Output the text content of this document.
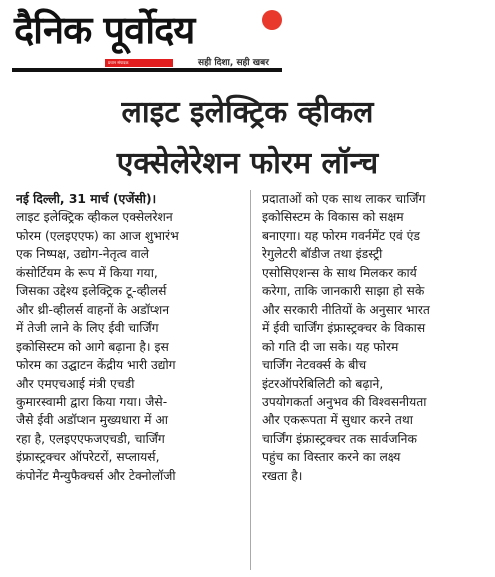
दैनिक पूर्वोदय
प्रधान संपादक	सही दिशा, सही खबर
लाइट इलेक्ट्रिक व्हीकल
एक्सेलेरेशन फोरम लॉन्च
नई दिल्ली, 31 मार्च (एजेंसी)।
लाइट इलेक्ट्रिक व्हीकल एक्सेलरेशन
फोरम (एलइएएफ) का आज शुभारंभ
एक निष्पक्ष, उद्योग-नेतृत्व वाले
कंसोर्टियम के रूप में किया गया,
जिसका उद्देश्य इलेक्ट्रिक टू-व्हीलर्स
और थ्री-व्हीलर्स वाहनों के अडॉप्शन
में तेजी लाने के लिए ईवी चार्जिंग
इकोसिस्टम को आगे बढ़ाना है। इस
फोरम का उद्घाटन केंद्रीय भारी उद्योग
और एमएचआई मंत्री एचडी
कुमारस्वामी द्वारा किया गया। जैसे-
जैसे ईवी अडॉप्शन मुख्यधारा में आ
रहा है, एलइएएफजएचडी, चार्जिंग
इंफ्रास्ट्रक्चर ऑपरेटरों, सप्लायर्स,
कंपोनेंट मैन्युफैक्चर्स और टेक्नोलॉजी
प्रदाताओं को एक साथ लाकर चार्जिंग
इकोसिस्टम के विकास को सक्षम
बनाएगा। यह फोरम गवर्नमेंट एवं एंड
रेगुलेटरी बॉडीज तथा इंडस्ट्री
एसोसिएशन्स के साथ मिलकर कार्य
करेगा, ताकि जानकारी साझा हो सके
और सरकारी नीतियों के अनुसार भारत
में ईवी चार्जिंग इंफ्रास्ट्रक्चर के विकास
को गति दी जा सके। यह फोरम
चार्जिंग नेटवर्क्स के बीच
इंटरऑपरेबिलिटी को बढ़ाने,
उपयोगकर्ता अनुभव की विश्वसनीयता
और एकरूपता में सुधार करने तथा
चार्जिंग इंफ्रास्ट्रक्चर तक सार्वजनिक
पहुंच का विस्तार करने का लक्ष्य
रखता है।
